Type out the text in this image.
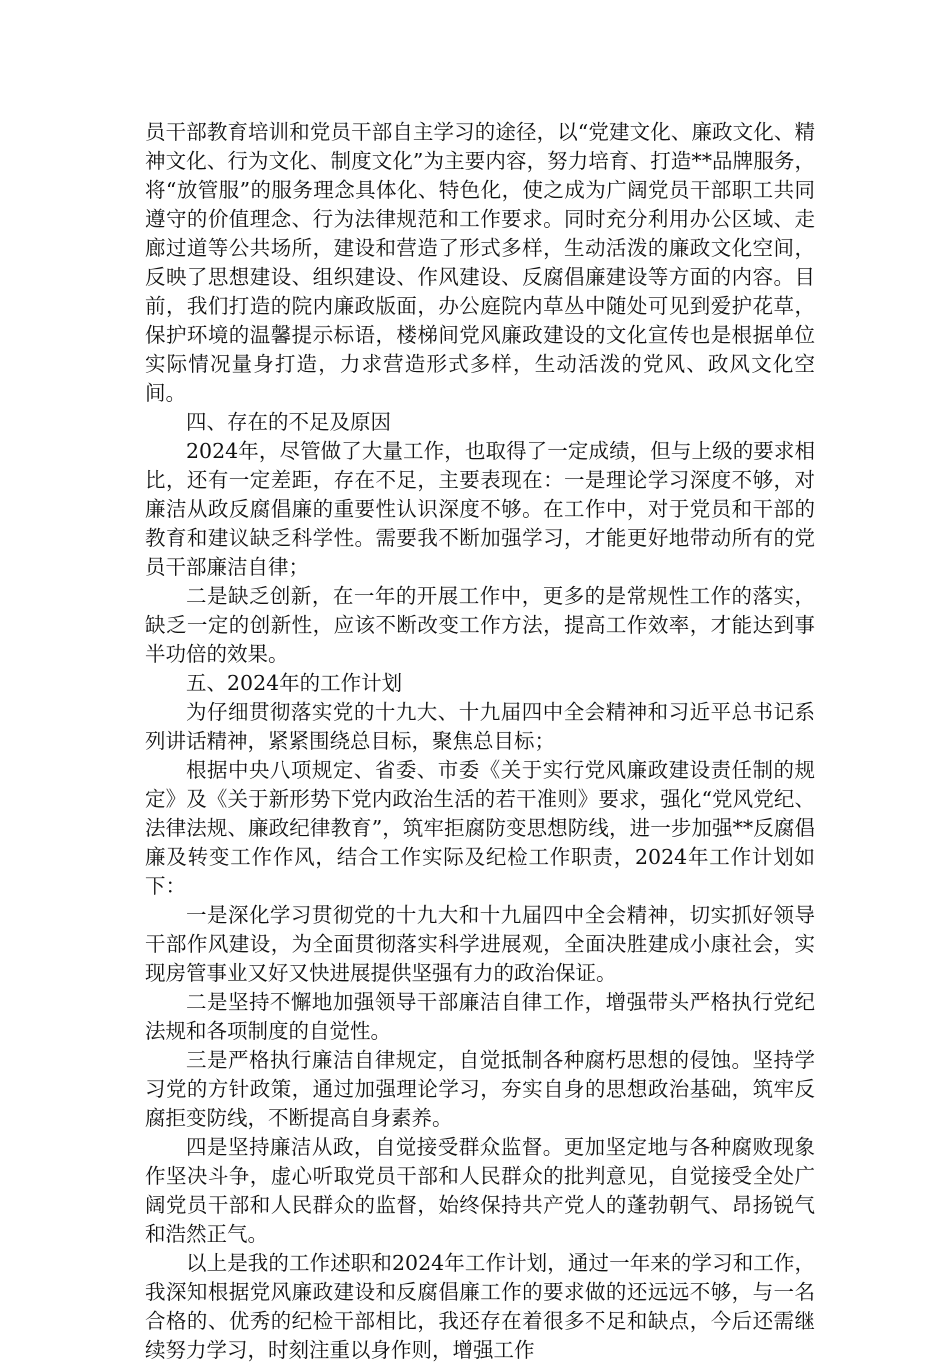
员干部教育培训和党员干部自主学习的途径，以“党建文化、廉政文化、精神文化、行为文化、制度文化”为主要内容，努力培育、打造**品牌服务，将“放管服”的服务理念具体化、特色化，使之成为广阔党员干部职工共同遵守的价值理念、行为法律规范和工作要求。同时充分利用办公区域、走廊过道等公共场所，建设和营造了形式多样，生动活泼的廉政文化空间，反映了思想建设、组织建设、作风建设、反腐倡廉建设等方面的内容。目前，我们打造的院内廉政版面，办公庭院内草丛中随处可见到爱护花草，保护环境的温馨提示标语，楼梯间党风廉政建设的文化宣传也是根据单位实际情况量身打造，力求营造形式多样，生动活泼的党风、政风文化空间。

四、存在的不足及原因

2024年，尽管做了大量工作，也取得了一定成绩，但与上级的要求相比，还有一定差距，存在不足，主要表现在：一是理论学习深度不够，对廉洁从政反腐倡廉的重要性认识深度不够。在工作中，对于党员和干部的教育和建议缺乏科学性。需要我不断加强学习，才能更好地带动所有的党员干部廉洁自律；

二是缺乏创新，在一年的开展工作中，更多的是常规性工作的落实，缺乏一定的创新性，应该不断改变工作方法，提高工作效率，才能达到事半功倍的效果。

五、2024年的工作计划

为仔细贯彻落实党的十九大、十九届四中全会精神和习近平总书记系列讲话精神，紧紧围绕总目标，聚焦总目标；

根据中央八项规定、省委、市委《关于实行党风廉政建设责任制的规定》及《关于新形势下党内政治生活的若干准则》要求，强化“党风党纪、法律法规、廉政纪律教育”，筑牢拒腐防变思想防线，进一步加强**反腐倡廉及转变工作作风，结合工作实际及纪检工作职责，2024年工作计划如下：

一是深化学习贯彻党的十九大和十九届四中全会精神，切实抓好领导干部作风建设，为全面贯彻落实科学进展观，全面决胜建成小康社会，实现房管事业又好又快进展提供坚强有力的政治保证。

二是坚持不懈地加强领导干部廉洁自律工作，增强带头严格执行党纪法规和各项制度的自觉性。

三是严格执行廉洁自律规定，自觉抵制各种腐朽思想的侵蚀。坚持学习党的方针政策，通过加强理论学习，夯实自身的思想政治基础，筑牢反腐拒变防线，不断提高自身素养。

四是坚持廉洁从政，自觉接受群众监督。更加坚定地与各种腐败现象作坚决斗争，虚心听取党员干部和人民群众的批判意见，自觉接受全处广阔党员干部和人民群众的监督，始终保持共产党人的蓬勃朝气、昂扬锐气和浩然正气。

以上是我的工作述职和2024年工作计划，通过一年来的学习和工作，我深知根据党风廉政建设和反腐倡廉工作的要求做的还远远不够，与一名合格的、优秀的纪检干部相比，我还存在着很多不足和缺点，今后还需继续努力学习，时刻注重以身作则，增强工作
